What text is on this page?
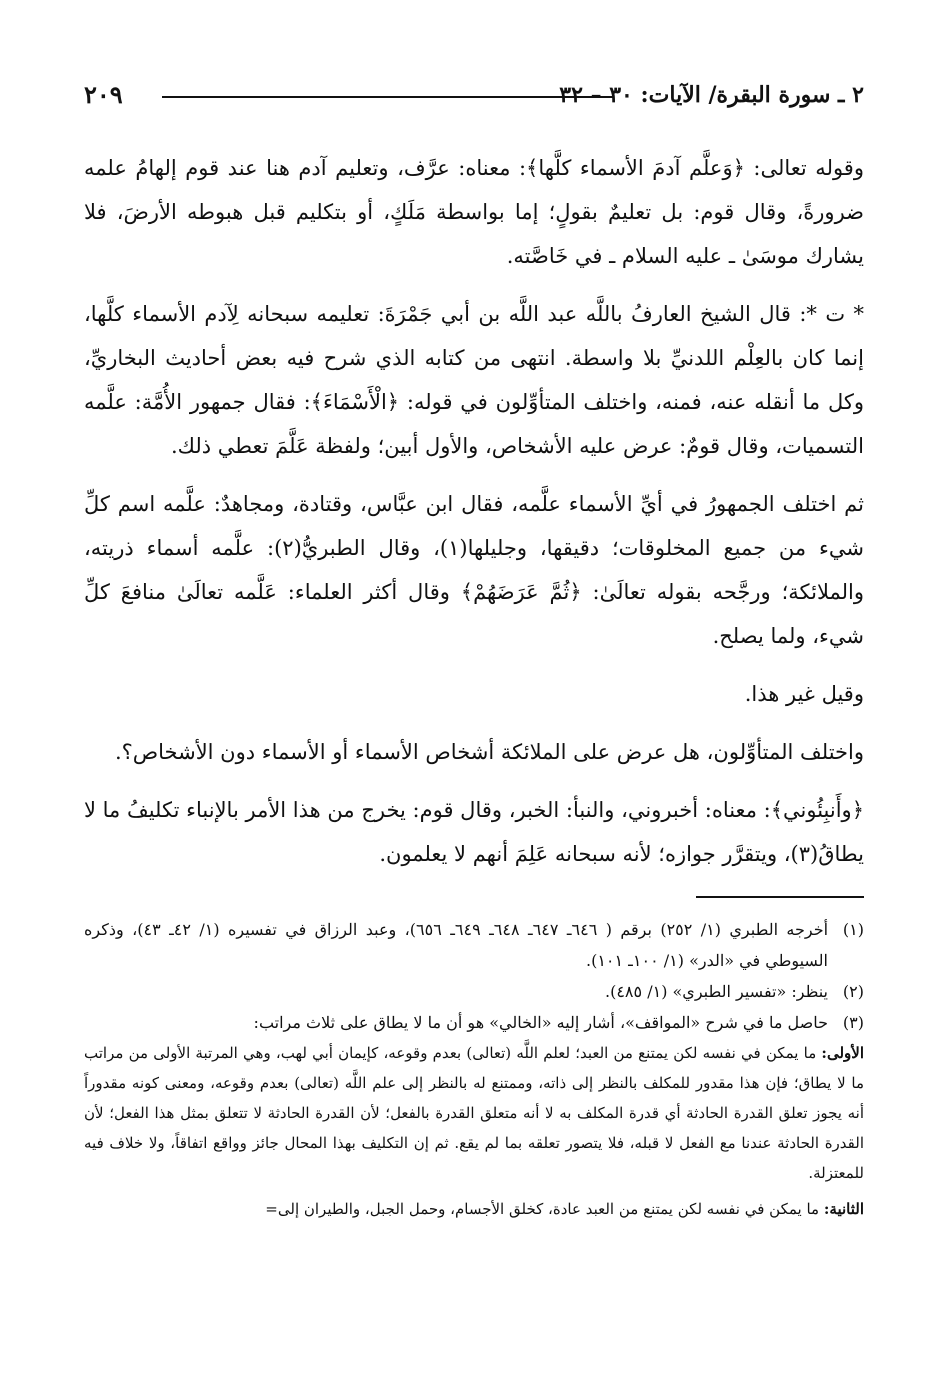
٢ ـ سورة البقرة/ الآيات: ٣٠ – ٣٢
٢٠٩

وقوله تعالى: ﴿وَعلَّم آدمَ الأسماء كلَّها﴾: معناه: عرَّف، وتعليم آدم هنا عند قوم إلهامُ علمه ضرورةً، وقال قوم: بل تعليمٌ بقولٍ؛ إما بواسطة مَلَكٍ، أو بتكليم قبل هبوطه الأرضَ، فلا يشارك موسَىٰ ـ عليه السلام ـ في خَاصَّته.

* ت *: قال الشيخ العارفُ باللَّه عبد اللَّه بن أبي جَمْرَةَ: تعليمه سبحانه لِآدم الأسماء كلَّها، إنما كان بالعِلْم اللدنيِّ بلا واسطة. انتهى من كتابه الذي شرح فيه بعض أحاديث البخاريِّ، وكل ما أنقله عنه، فمنه، واختلف المتأوِّلون في قوله: ﴿الْأَسْمَاءَ﴾: فقال جمهور الأُمَّة: علَّمه التسميات، وقال قومٌ: عرض عليه الأشخاص، والأول أبين؛ ولفظة عَلَّمَ تعطي ذلك.

ثم اختلف الجمهورُ في أيِّ الأسماء علَّمه، فقال ابن عبَّاس، وقتادة، ومجاهدٌ: علَّمه اسم كلِّ شيء من جميع المخلوقات؛ دقيقها، وجليلها(١)، وقال الطبريُّ(٢): علَّمه أسماء ذريته، والملائكة؛ ورجَّحه بقوله تعالَىٰ: ﴿ثُمَّ عَرَضَهُمْ﴾ وقال أكثر العلماء: عَلَّمه تعالَىٰ منافعَ كلِّ شيء، ولما يصلح.

وقيل غير هذا.

واختلف المتأوِّلون، هل عرض على الملائكة أشخاص الأسماء أو الأسماء دون الأشخاص؟.

﴿وأَنبِئُوني﴾: معناه: أخبروني، والنبأ: الخبر، وقال قوم: يخرج من هذا الأمر بالإنباء تكليفُ ما لا يطاقُ(٣)، ويتقرَّر جوازه؛ لأنه سبحانه عَلِمَ أنهم لا يعلمون.

(١)
أخرجه الطبري (١/ ٢٥٢) برقم ( ٦٤٦ـ ٦٤٧ـ ٦٤٨ـ ٦٤٩ـ ٦٥٦)، وعبد الرزاق في تفسيره (١/ ٤٢ـ ٤٣)، وذكره السيوطي في «الدر» (١/ ١٠٠ـ ١٠١).
(٢)
ينظر: «تفسير الطبري» (١/ ٤٨٥).
(٣)
حاصل ما في شرح «المواقف»، أشار إليه «الخالي» هو أن ما لا يطاق على ثلاث مراتب:

الأولى: ما يمكن في نفسه لكن يمتنع من العبد؛ لعلم اللَّه (تعالى) بعدم وقوعه، كإيمان أبي لهب، وهي المرتبة الأولى من مراتب ما لا يطاق؛ فإن هذا مقدور للمكلف بالنظر إلى ذاته، وممتنع له بالنظر إلى علم اللَّه (تعالى) بعدم وقوعه، ومعنى كونه مقدوراً أنه يجوز تعلق القدرة الحادثة أي قدرة المكلف به لا أنه متعلق القدرة بالفعل؛ لأن القدرة الحادثة لا تتعلق بمثل هذا الفعل؛ لأن القدرة الحادثة عندنا مع الفعل لا قبله، فلا يتصور تعلقه بما لم يقع. ثم إن التكليف بهذا المحال جائز وواقع اتفاقاً، ولا خلاف فيه للمعتزلة.

الثانية: ما يمكن في نفسه لكن يمتنع من العبد عادة، كخلق الأجسام، وحمل الجبل، والطيران إلى=
